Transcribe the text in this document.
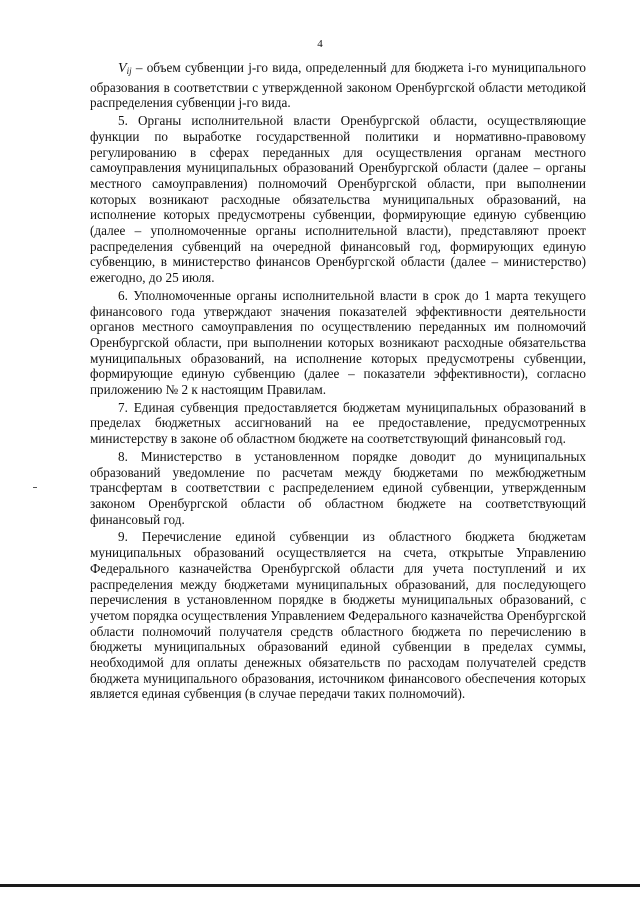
4

$V_{ij}$ – объем субвенции j-го вида, определенный для бюджета i-го муниципального образования в соответствии с утвержденной законом Оренбургской области методикой распределения субвенции j-го вида.

5. Органы исполнительной власти Оренбургской области, осуществляющие функции по выработке государственной политики и нормативно-правовому регулированию в сферах переданных для осуществления органам местного самоуправления муниципальных образований Оренбургской области (далее – органы местного самоуправления) полномочий Оренбургской области, при выполнении которых возникают расходные обязательства муниципальных образований, на исполнение которых предусмотрены субвенции, формирующие единую субвенцию (далее – уполномоченные органы исполнительной власти), представляют проект распределения субвенций на очередной финансовый год, формирующих единую субвенцию, в министерство финансов Оренбургской области (далее – министерство) ежегодно, до 25 июля.

6. Уполномоченные органы исполнительной власти в срок до 1 марта текущего финансового года утверждают значения показателей эффективности деятельности органов местного самоуправления по осуществлению переданных им полномочий Оренбургской области, при выполнении которых возникают расходные обязательства муниципальных образований, на исполнение которых предусмотрены субвенции, формирующие единую субвенцию (далее – показатели эффективности), согласно приложению № 2 к настоящим Правилам.

7. Единая субвенция предоставляется бюджетам муниципальных образований в пределах бюджетных ассигнований на ее предоставление, предусмотренных министерству в законе об областном бюджете на соответствующий финансовый год.

8. Министерство в установленном порядке доводит до муниципальных образований уведомление по расчетам между бюджетами по межбюджетным трансфертам в соответствии с распределением единой субвенции, утвержденным законом Оренбургской области об областном бюджете на соответствующий финансовый год.

9. Перечисление единой субвенции из областного бюджета бюджетам муниципальных образований осуществляется на счета, открытые Управлению Федерального казначейства Оренбургской области для учета поступлений и их распределения между бюджетами муниципальных образований, для последующего перечисления в установленном порядке в бюджеты муниципальных образований, с учетом порядка осуществления Управлением Федерального казначейства Оренбургской области полномочий получателя средств областного бюджета по перечислению в бюджеты муниципальных образований единой субвенции в пределах суммы, необходимой для оплаты денежных обязательств по расходам получателей средств бюджета муниципального образования, источником финансового обеспечения которых является единая субвенция (в случае передачи таких полномочий).
